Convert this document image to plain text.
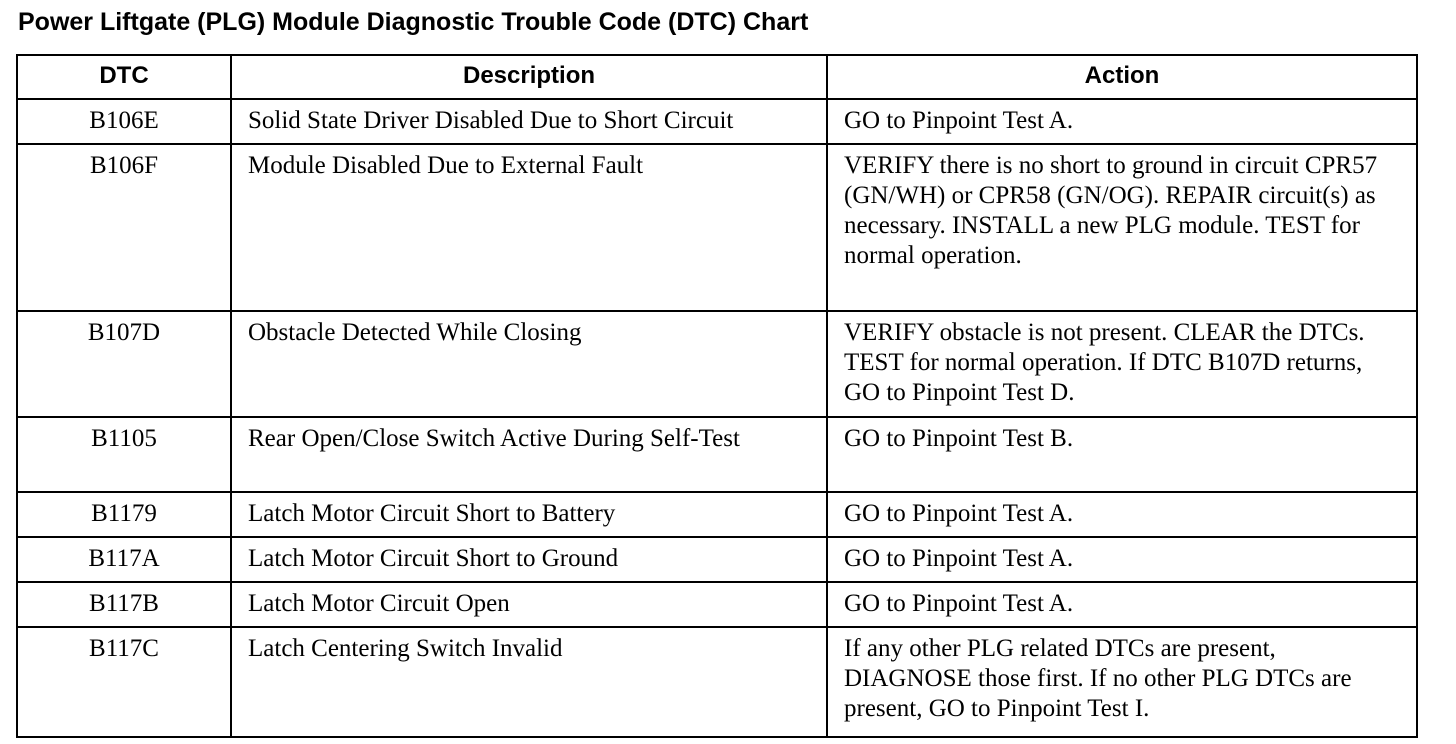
Power Liftgate (PLG) Module Diagnostic Trouble Code (DTC) Chart
DTC	Description	Action
B106E	Solid State Driver Disabled Due to Short Circuit	GO to Pinpoint Test A.
B106F	Module Disabled Due to External Fault	VERIFY there is no short to ground in circuit CPR57 (GN/WH) or CPR58 (GN/OG). REPAIR circuit(s) as necessary. INSTALL a new PLG module. TEST for normal operation.
B107D	Obstacle Detected While Closing	VERIFY obstacle is not present. CLEAR the DTCs. TEST for normal operation. If DTC B107D returns, GO to Pinpoint Test D.
B1105	Rear Open/Close Switch Active During Self-Test	GO to Pinpoint Test B.
B1179	Latch Motor Circuit Short to Battery	GO to Pinpoint Test A.
B117A	Latch Motor Circuit Short to Ground	GO to Pinpoint Test A.
B117B	Latch Motor Circuit Open	GO to Pinpoint Test A.
B117C	Latch Centering Switch Invalid	If any other PLG related DTCs are present, DIAGNOSE those first. If no other PLG DTCs are present, GO to Pinpoint Test I.
